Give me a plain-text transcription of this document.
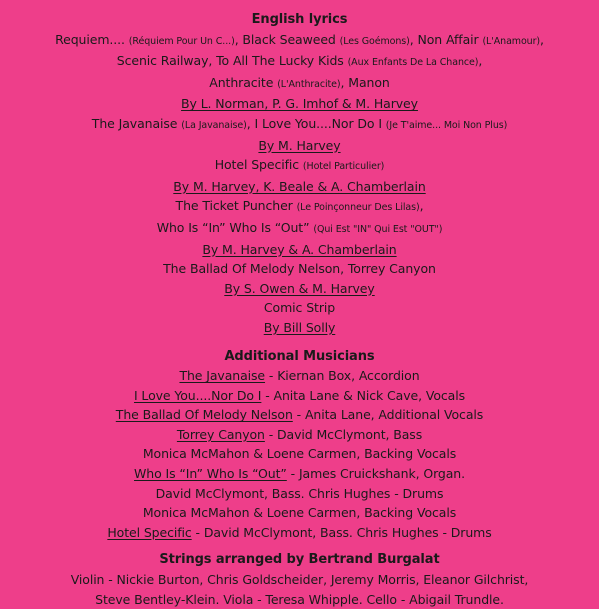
English lyrics
Requiem.... (Réquiem Pour Un C...), Black Seaweed (Les Goémons), Non Affair (L'Anamour),
Scenic Railway, To All The Lucky Kids (Aux Enfants De La Chance),
Anthracite (L'Anthracite), Manon
By L. Norman, P. G. Imhof & M. Harvey
The Javanaise (La Javanaise), I Love You....Nor Do I (Je T'aime... Moi Non Plus)
By M. Harvey
Hotel Specific (Hotel Particulier)
By M. Harvey, K. Beale & A. Chamberlain
The Ticket Puncher (Le Poinçonneur Des Lilas),
Who Is “In” Who Is “Out” (Qui Est "IN" Qui Est "OUT")
By M. Harvey & A. Chamberlain
The Ballad Of Melody Nelson, Torrey Canyon
By S. Owen & M. Harvey
Comic Strip
By Bill Solly
Additional Musicians
The Javanaise - Kiernan Box, Accordion
I Love You....Nor Do I - Anita Lane & Nick Cave, Vocals
The Ballad Of Melody Nelson - Anita Lane, Additional Vocals
Torrey Canyon - David McClymont, Bass
Monica McMahon & Loene Carmen, Backing Vocals
Who Is “In” Who Is “Out” - James Cruickshank, Organ.
David McClymont, Bass. Chris Hughes - Drums
Monica McMahon & Loene Carmen, Backing Vocals
Hotel Specific - David McClymont, Bass. Chris Hughes - Drums
Strings arranged by Bertrand Burgalat
Violin - Nickie Burton, Chris Goldscheider, Jeremy Morris, Eleanor Gilchrist,
Steve Bentley-Klein. Viola - Teresa Whipple. Cello - Abigail Trundle.
